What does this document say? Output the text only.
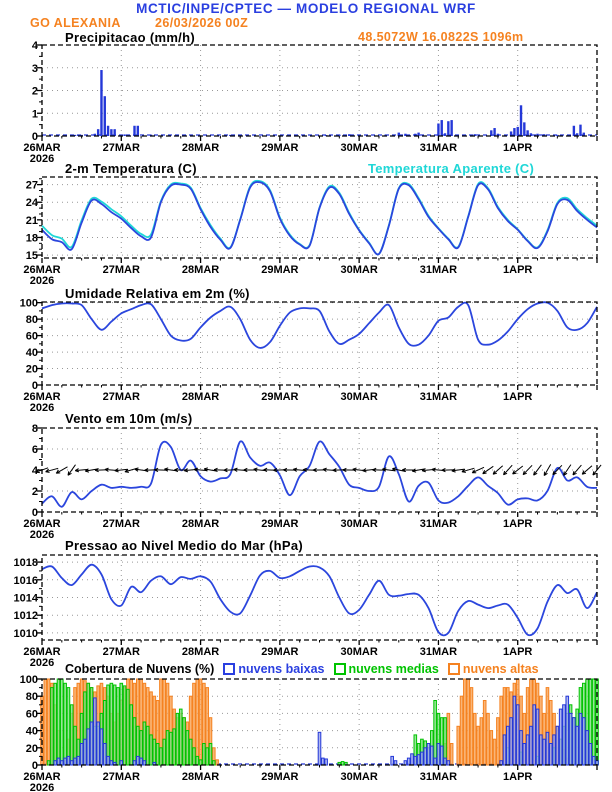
MCTIC/INPE/CPTEC — MODELO REGIONAL WRF
GO ALEXANIA	26/03/2026 00Z
48.5072W 16.0822S 1096m
Precipitacao (mm/h)
0
1
2
3
4
26MAR	27MAR	28MAR	29MAR	30MAR	31MAR	1APR
2026
2-m Temperatura (C)	Temperatura Aparente (C)
15
18
21
24
27
26MAR	27MAR	28MAR	29MAR	30MAR	31MAR	1APR
2026
Umidade Relativa em 2m (%)
0
20
40
60
80
100
26MAR	27MAR	28MAR	29MAR	30MAR	31MAR	1APR
2026
Vento em 10m (m/s)
0
2
4
6
8
26MAR	27MAR	28MAR	29MAR	30MAR	31MAR	1APR
2026
Pressao ao Nivel Medio do Mar (hPa)
1010
1012
1014
1016
1018
26MAR	27MAR	28MAR	29MAR	30MAR	31MAR	1APR
2026 Cobertura de Nuvens (%) nuvens baixas nuvens medias nuvens altas
0
20
40
60
80
100
26MAR	27MAR	28MAR	29MAR	30MAR	31MAR	1APR
2026
